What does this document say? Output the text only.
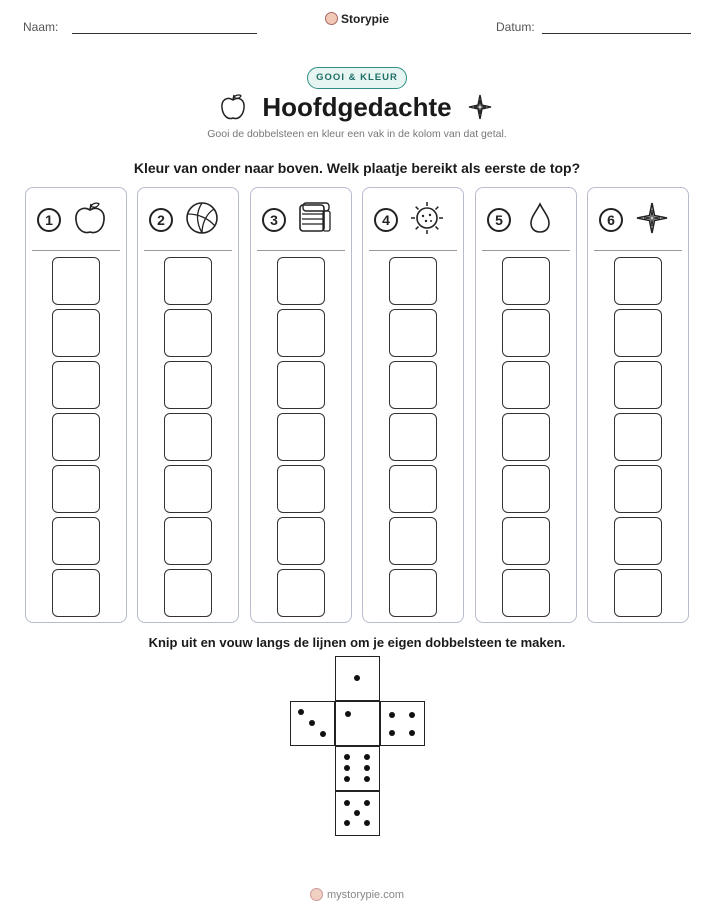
Naam:
Storypie
Datum:
GOOI & KLEUR
Hoofdgedachte
Gooi de dobbelsteen en kleur een vak in de kolom van dat getal.
Kleur van onder naar boven. Welk plaatje bereikt als eerste de top?
1	2	3	4	5	6
Knip uit en vouw langs de lijnen om je eigen dobbelsteen te maken.
mystorypie.com
